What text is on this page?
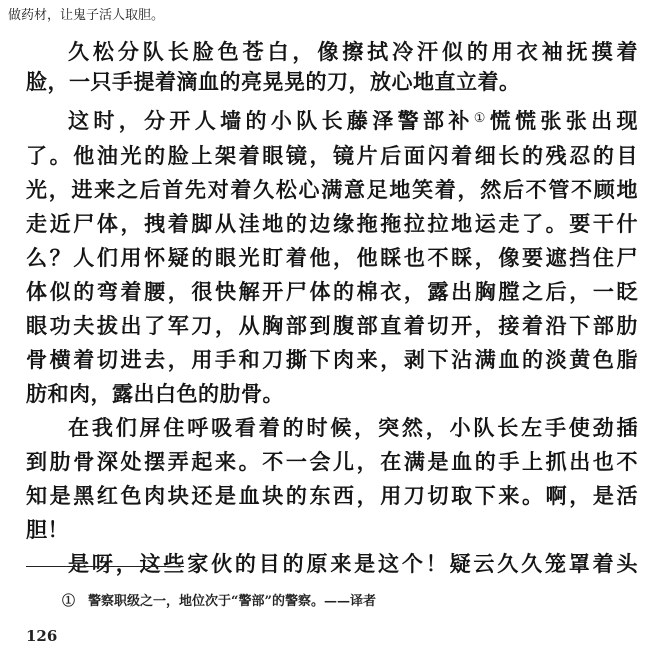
做药材，让鬼子活人取胆。
久松分队长脸色苍白，像擦拭冷汗似的用衣袖抚摸着
脸，一只手提着滴血的亮晃晃的刀，放心地直立着。
这时，分开人墙的小队长藤泽警部补①慌慌张张出现
了。他油光的脸上架着眼镜，镜片后面闪着细长的残忍的目
光，进来之后首先对着久松心满意足地笑着，然后不管不顾地
走近尸体，拽着脚从洼地的边缘拖拖拉拉地运走了。要干什
么？人们用怀疑的眼光盯着他，他睬也不睬，像要遮挡住尸
体似的弯着腰，很快解开尸体的棉衣，露出胸膛之后，一眨
眼功夫拔出了军刀，从胸部到腹部直着切开，接着沿下部肋
骨横着切进去，用手和刀撕下肉来，剥下沾满血的淡黄色脂
肪和肉，露出白色的肋骨。
在我们屏住呼吸看着的时候，突然，小队长左手使劲插
到肋骨深处摆弄起来。不一会儿，在满是血的手上抓出也不
知是黑红色肉块还是血块的东西，用刀切取下来。啊，是活
胆！
是呀，这些家伙的目的原来是这个！疑云久久笼罩着头
①　警察职级之一，地位次于“警部”的警察。——译者
126
